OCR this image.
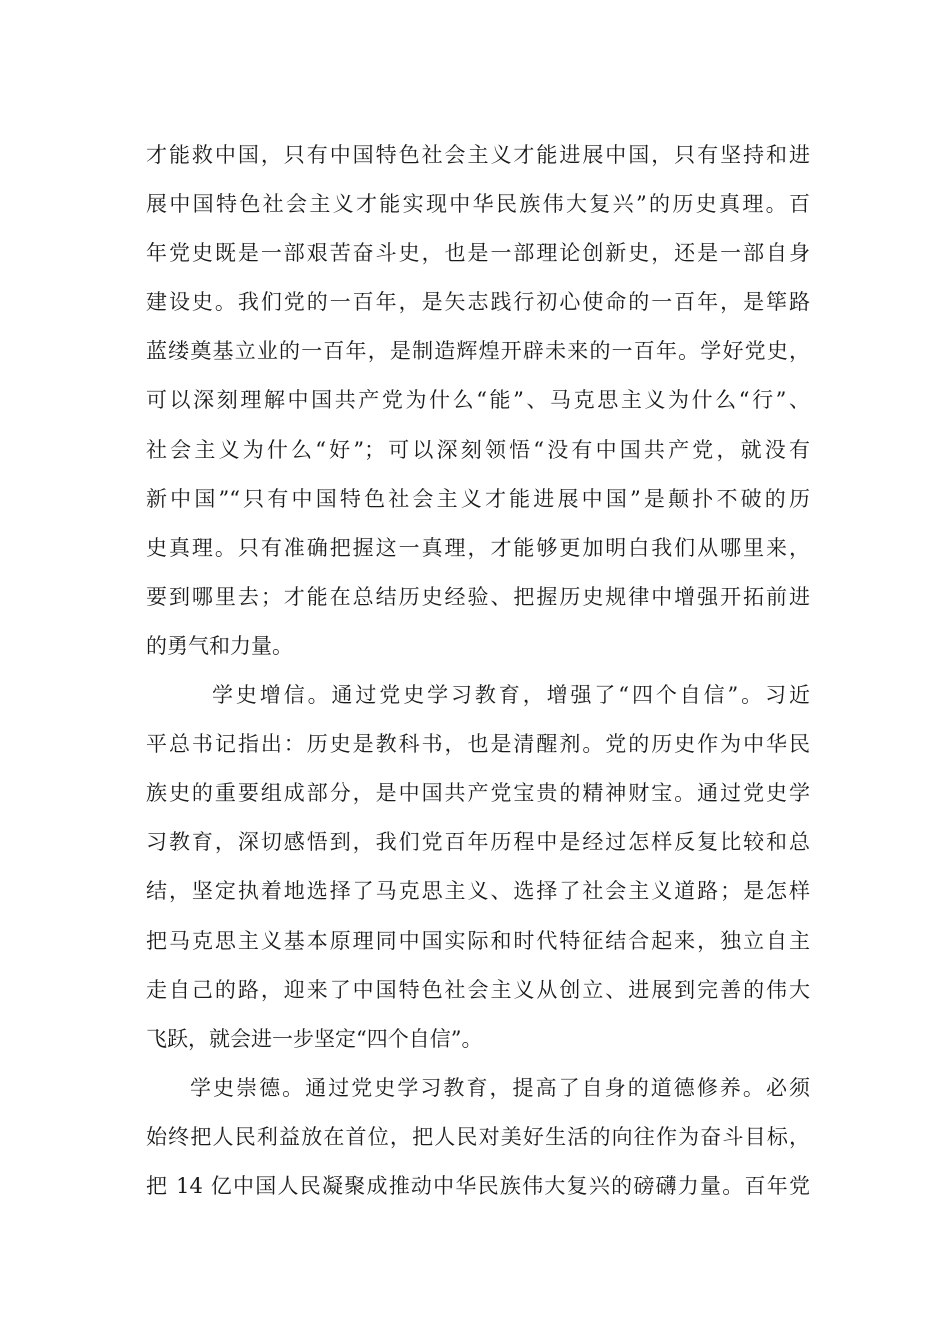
才能救中国，只有中国特色社会主义才能进展中国，只有坚持和进
展中国特色社会主义才能实现中华民族伟大复兴”的历史真理。百
年党史既是一部艰苦奋斗史，也是一部理论创新史，还是一部自身
建设史。我们党的一百年，是矢志践行初心使命的一百年，是筚路
蓝缕奠基立业的一百年，是制造辉煌开辟未来的一百年。学好党史，
可以深刻理解中国共产党为什么“能”、马克思主义为什么“行”、
社会主义为什么“好”；可以深刻领悟“没有中国共产党，就没有
新中国”“只有中国特色社会主义才能进展中国”是颠扑不破的历
史真理。只有准确把握这一真理，才能够更加明白我们从哪里来，
要到哪里去；才能在总结历史经验、把握历史规律中增强开拓前进
的勇气和力量。
学史增信。通过党史学习教育，增强了“四个自信”。习近
平总书记指出：历史是教科书，也是清醒剂。党的历史作为中华民
族史的重要组成部分，是中国共产党宝贵的精神财宝。通过党史学
习教育，深切感悟到，我们党百年历程中是经过怎样反复比较和总
结，坚定执着地选择了马克思主义、选择了社会主义道路；是怎样
把马克思主义基本原理同中国实际和时代特征结合起来，独立自主
走自己的路，迎来了中国特色社会主义从创立、进展到完善的伟大
飞跃，就会进一步坚定“四个自信”。
学史崇德。通过党史学习教育，提高了自身的道德修养。必须
始终把人民利益放在首位，把人民对美好生活的向往作为奋斗目标，
把 14 亿中国人民凝聚成推动中华民族伟大复兴的磅礴力量。百年党
